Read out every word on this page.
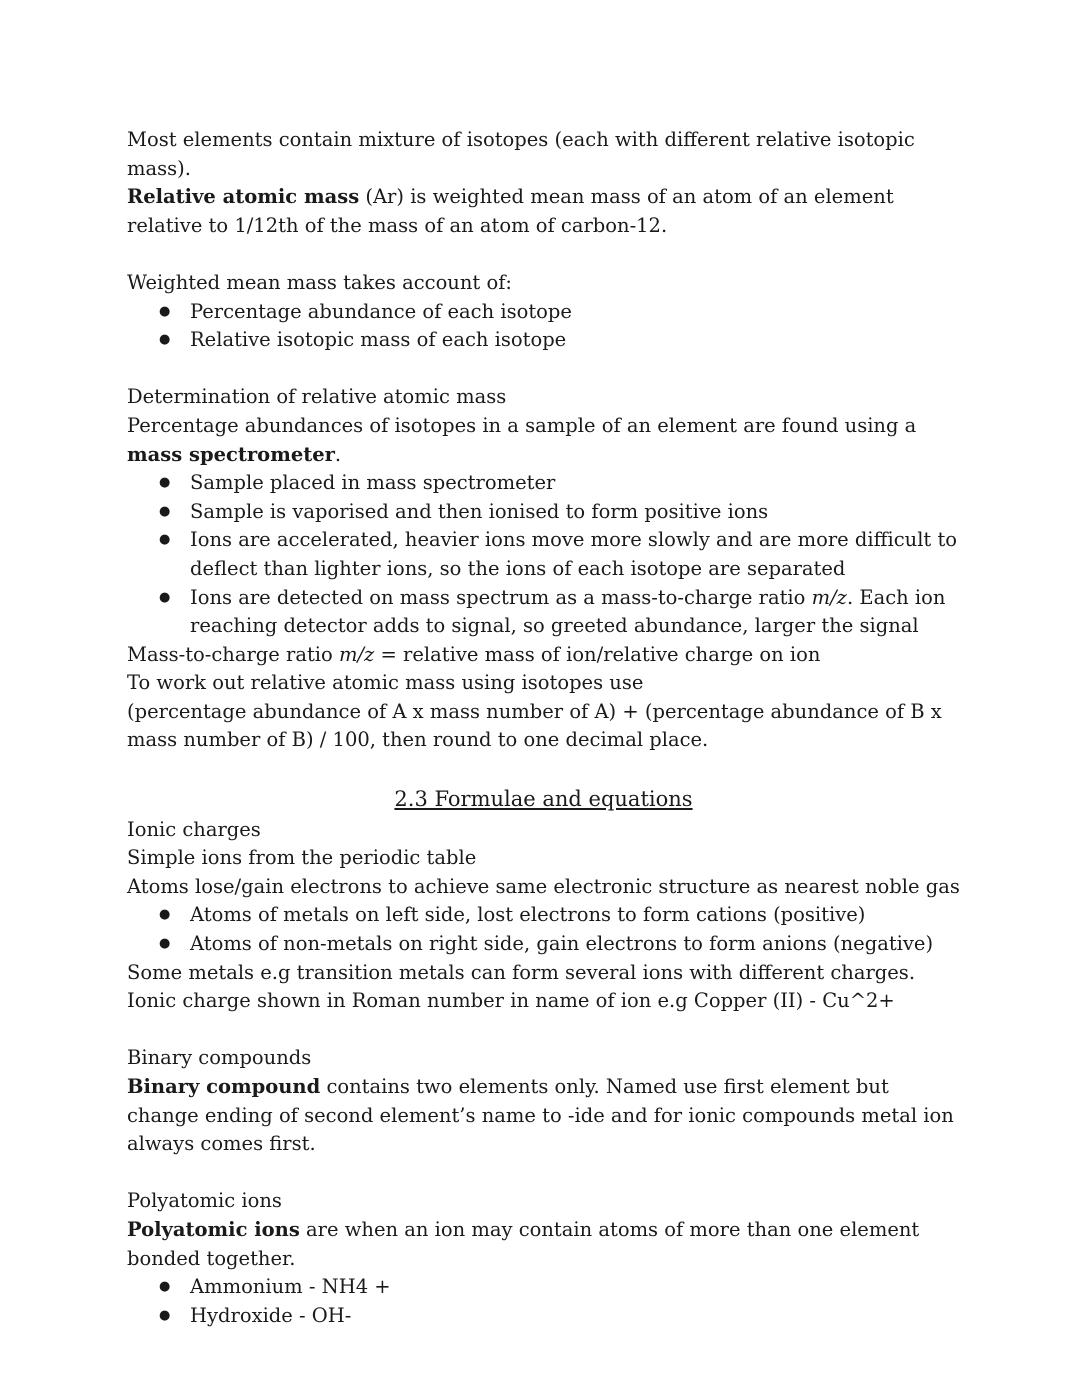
Most elements contain mixture of isotopes (each with different relative isotopic mass).

Relative atomic mass (Ar) is weighted mean mass of an atom of an element relative to 1/12th of the mass of an atom of carbon-12.

Weighted mean mass takes account of:

● Percentage abundance of each isotope
● Relative isotopic mass of each isotope

Determination of relative atomic mass

Percentage abundances of isotopes in a sample of an element are found using a mass spectrometer.

● Sample placed in mass spectrometer
● Sample is vaporised and then ionised to form positive ions
● Ions are accelerated, heavier ions move more slowly and are more difficult to deflect than lighter ions, so the ions of each isotope are separated
● Ions are detected on mass spectrum as a mass-to-charge ratio m/z. Each ion reaching detector adds to signal, so greeted abundance, larger the signal

Mass-to-charge ratio m/z = relative mass of ion/relative charge on ion

To work out relative atomic mass using isotopes use

(percentage abundance of A x mass number of A) + (percentage abundance of B x mass number of B) / 100, then round to one decimal place.

2.3 Formulae and equations

Ionic charges

Simple ions from the periodic table

Atoms lose/gain electrons to achieve same electronic structure as nearest noble gas

● Atoms of metals on left side, lost electrons to form cations (positive)
● Atoms of non-metals on right side, gain electrons to form anions (negative)

Some metals e.g transition metals can form several ions with different charges. Ionic charge shown in Roman number in name of ion e.g Copper (II) - Cu^2+

Binary compounds

Binary compound contains two elements only. Named use first element but change ending of second element’s name to -ide and for ionic compounds metal ion always comes first.

Polyatomic ions

Polyatomic ions are when an ion may contain atoms of more than one element bonded together.

● Ammonium - NH4 +
● Hydroxide - OH-
